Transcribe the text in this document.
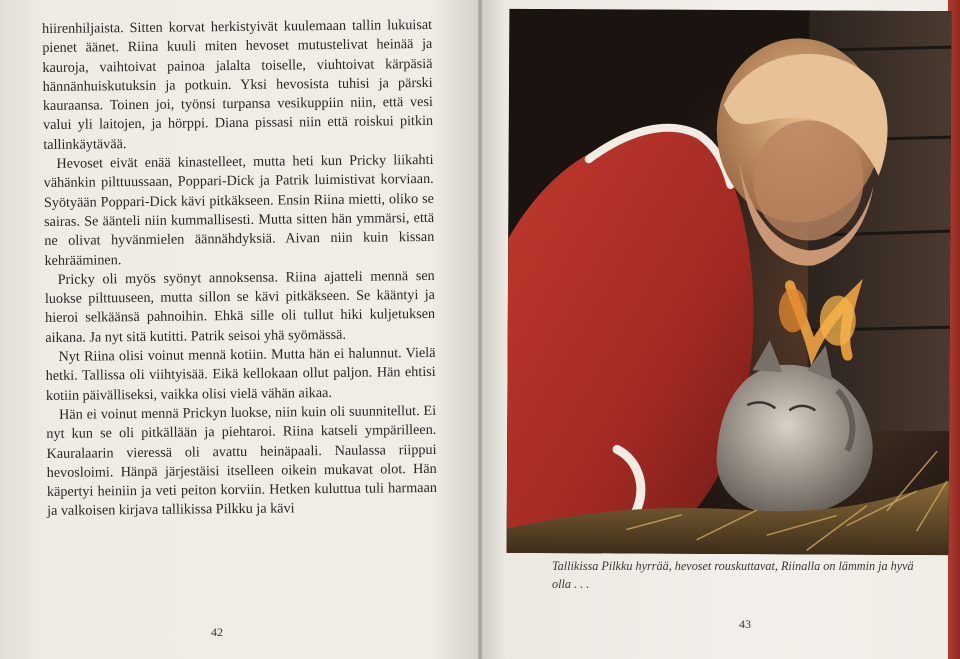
hiirenhiljaista. Sitten korvat herkistyivät kuulemaan tallin lukuisat pienet äänet. Riina kuuli miten hevoset mutustelivat heinää ja kauroja, vaihtoivat painoa jalalta toiselle, viuhtoivat kärpäsiä hännänhuiskutuksin ja potkuin. Yksi hevosista tuhisi ja pärski kauraansa. Toinen joi, työnsi turpansa vesikuppiin niin, että vesi valui yli laitojen, ja hörppi. Diana pissasi niin että roiskui pitkin tallinkäytävää.

Hevoset eivät enää kinastelleet, mutta heti kun Pricky liikahti vähänkin pilttuussaan, Poppari-Dick ja Patrik luimistivat korviaan. Syötyään Poppari-Dick kävi pitkäkseen. Ensin Riina mietti, oliko se sairas. Se äänteli niin kummallisesti. Mutta sitten hän ymmärsi, että ne olivat hyvänmielen äännähdyksiä. Aivan niin kuin kissan kehrääminen.

Pricky oli myös syönyt annoksensa. Riina ajatteli mennä sen luokse pilttuuseen, mutta sillon se kävi pitkäkseen. Se kääntyi ja hieroi selkäänsä pahnoihin. Ehkä sille oli tullut hiki kuljetuksen aikana. Ja nyt sitä kutitti. Patrik seisoi yhä syömässä.

Nyt Riina olisi voinut mennä kotiin. Mutta hän ei halunnut. Vielä hetki. Tallissa oli viihtyisää. Eikä kellokaan ollut paljon. Hän ehtisi kotiin päivälliseksi, vaikka olisi vielä vähän aikaa.

Hän ei voinut mennä Prickyn luokse, niin kuin oli suunnitellut. Ei nyt kun se oli pitkällään ja piehtaroi. Riina katseli ympärilleen. Kauralaarin vieressä oli avattu heinäpaali. Naulassa riippui hevosloimi. Hänpä järjestäisi itselleen oikein mukavat olot. Hän käpertyi heiniin ja veti peiton korviin. Hetken kuluttua tuli harmaan ja valkoisen kirjava tallikissa Pilkku ja kävi

42
43
Tallikissa Pilkku hyrrää, hevoset rouskuttavat, Riinalla on lämmin ja hyvä olla . . .
